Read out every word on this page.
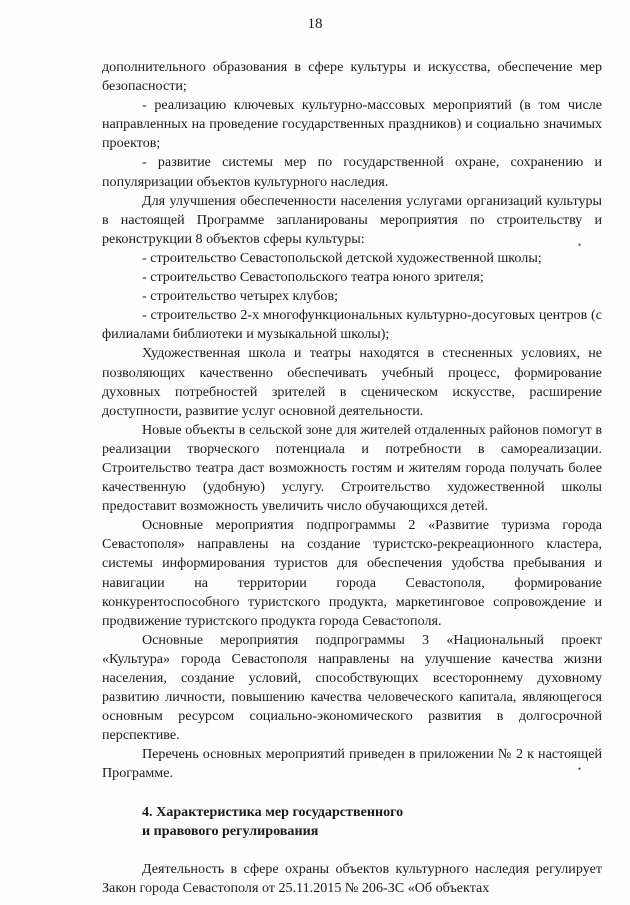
18

дополнительного образования в сфере культуры и искусства, обеспечение мер безопасности;

- реализацию ключевых культурно-массовых мероприятий (в том числе направленных на проведение государственных праздников) и социально значимых проектов;

- развитие системы мер по государственной охране, сохранению и популяризации объектов культурного наследия.

Для улучшения обеспеченности населения услугами организаций культуры в настоящей Программе запланированы мероприятия по строительству и реконструкции 8 объектов сферы культуры:

- строительство Севастопольской детской художественной школы;

- строительство Севастопольского театра юного зрителя;

- строительство четырех клубов;

- строительство 2-х многофункциональных культурно-досуговых центров (с филиалами библиотеки и музыкальной школы);

Художественная школа и театры находятся в стесненных условиях, не позволяющих качественно обеспечивать учебный процесс, формирование духовных потребностей зрителей в сценическом искусстве, расширение доступности, развитие услуг основной деятельности.

Новые объекты в сельской зоне для жителей отдаленных районов помогут в реализации творческого потенциала и потребности в самореализации. Строительство театра даст возможность гостям и жителям города получать более качественную (удобную) услугу. Строительство художественной школы предоставит возможность увеличить число обучающихся детей.

Основные мероприятия подпрограммы 2 «Развитие туризма города Севастополя» направлены на создание туристско-рекреационного кластера, системы информирования туристов для обеспечения удобства пребывания и навигации на территории города Севастополя, формирование конкурентоспособного туристского продукта, маркетинговое сопровождение и продвижение туристского продукта города Севастополя.

Основные мероприятия подпрограммы 3 «Национальный проект «Культура» города Севастополя направлены на улучшение качества жизни населения, создание условий, способствующих всестороннему духовному развитию личности, повышению качества человеческого капитала, являющегося основным ресурсом социально-экономического развития в долгосрочной перспективе.

Перечень основных мероприятий приведен в приложении № 2 к настоящей Программе.

4. Характеристика мер государственного

и правового регулирования

Деятельность в сфере охраны объектов культурного наследия регулирует Закон города Севастополя от 25.11.2015 № 206-ЗС «Об объектах

•
•
